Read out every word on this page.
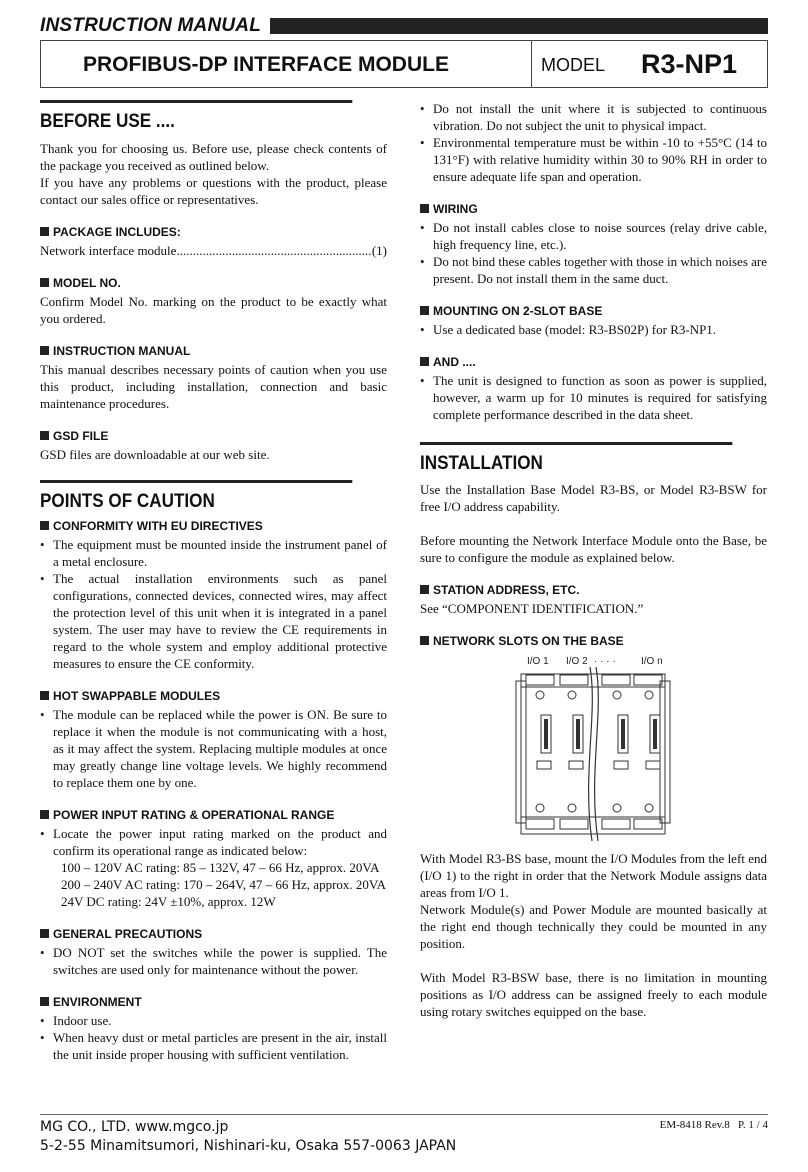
INSTRUCTION MANUAL
PROFIBUS-DP INTERFACE MODULE	MODEL R3-NP1
BEFORE USE ....

Thank you for choosing us. Before use, please check contents of the package you received as outlined below.

If you have any problems or questions with the product, please contact our sales office or representatives.

PACKAGE INCLUDES:
Network interface module
.....	(1)
MODEL NO.

Confirm Model No. marking on the product to be exactly what you ordered.

INSTRUCTION MANUAL

This manual describes necessary points of caution when you use this product, including installation, connection and basic maintenance procedures.

GSD FILE

GSD files are downloadable at our web site.

POINTS OF CAUTION
CONFORMITY WITH EU DIRECTIVES
• The equipment must be mounted inside the instrument panel of a metal enclosure.
• The actual installation environments such as panel configurations, connected devices, connected wires, may affect the protection level of this unit when it is integrated in a panel system. The user may have to review the CE requirements in regard to the whole system and employ additional protective measures to ensure the CE conformity.
HOT SWAPPABLE MODULES
• The module can be replaced while the power is ON. Be sure to replace it when the module is not communicating with a host, as it may affect the system. Replacing multiple modules at once may greatly change line voltage levels. We highly recommend to replace them one by one.
POWER INPUT RATING & OPERATIONAL RANGE
• Locate the power input rating marked on the product and confirm its operational range as indicated below:
100 – 120V AC rating: 85 – 132V, 47 – 66 Hz, approx. 20VA
200 – 240V AC rating: 170 – 264V, 47 – 66 Hz, approx. 20VA
24V DC rating: 24V ±10%, approx. 12W
GENERAL PRECAUTIONS
• DO NOT set the switches while the power is supplied. The switches are used only for maintenance without the power.
ENVIRONMENT
• Indoor use.
• When heavy dust or metal particles are present in the air, install the unit inside proper housing with sufficient ventilation.
• Do not install the unit where it is subjected to continuous vibration. Do not subject the unit to physical impact.
• Environmental temperature must be within -10 to +55°C (14 to 131°F) with relative humidity within 30 to 90% RH in order to ensure adequate life span and operation.
WIRING
• Do not install cables close to noise sources (relay drive cable, high frequency line, etc.).
• Do not bind these cables together with those in which noises are present. Do not install them in the same duct.
MOUNTING ON 2-SLOT BASE
• Use a dedicated base (model: R3-BS02P) for R3-NP1.
AND ....
• The unit is designed to function as soon as power is supplied, however, a warm up for 10 minutes is required for satisfying complete performance described in the data sheet.
INSTALLATION

Use the Installation Base Model R3-BS, or Model R3-BSW for free I/O address capability.

Before mounting the Network Interface Module onto the Base, be sure to configure the module as explained below.

STATION ADDRESS, ETC.

See “COMPONENT IDENTIFICATION.”

NETWORK SLOTS ON THE BASE
I/O 1 I/O 2 · · · ·	I/O n

With Model R3-BS base, mount the I/O Modules from the left end (I/O 1) to the right in order that the Network Module assigns data areas from I/O 1.

Network Module(s) and Power Module are mounted basically at the right end though technically they could be mounted in any position.

With Model R3-BSW base, there is no limitation in mounting positions as I/O address can be assigned freely to each module using rotary switches equipped on the base.

MG CO., LTD. www.mgco.jp
5-2-55 Minamitsumori, Nishinari-ku, Osaka 557-0063 JAPAN
EM-8418 Rev.8 P. 1 / 4
